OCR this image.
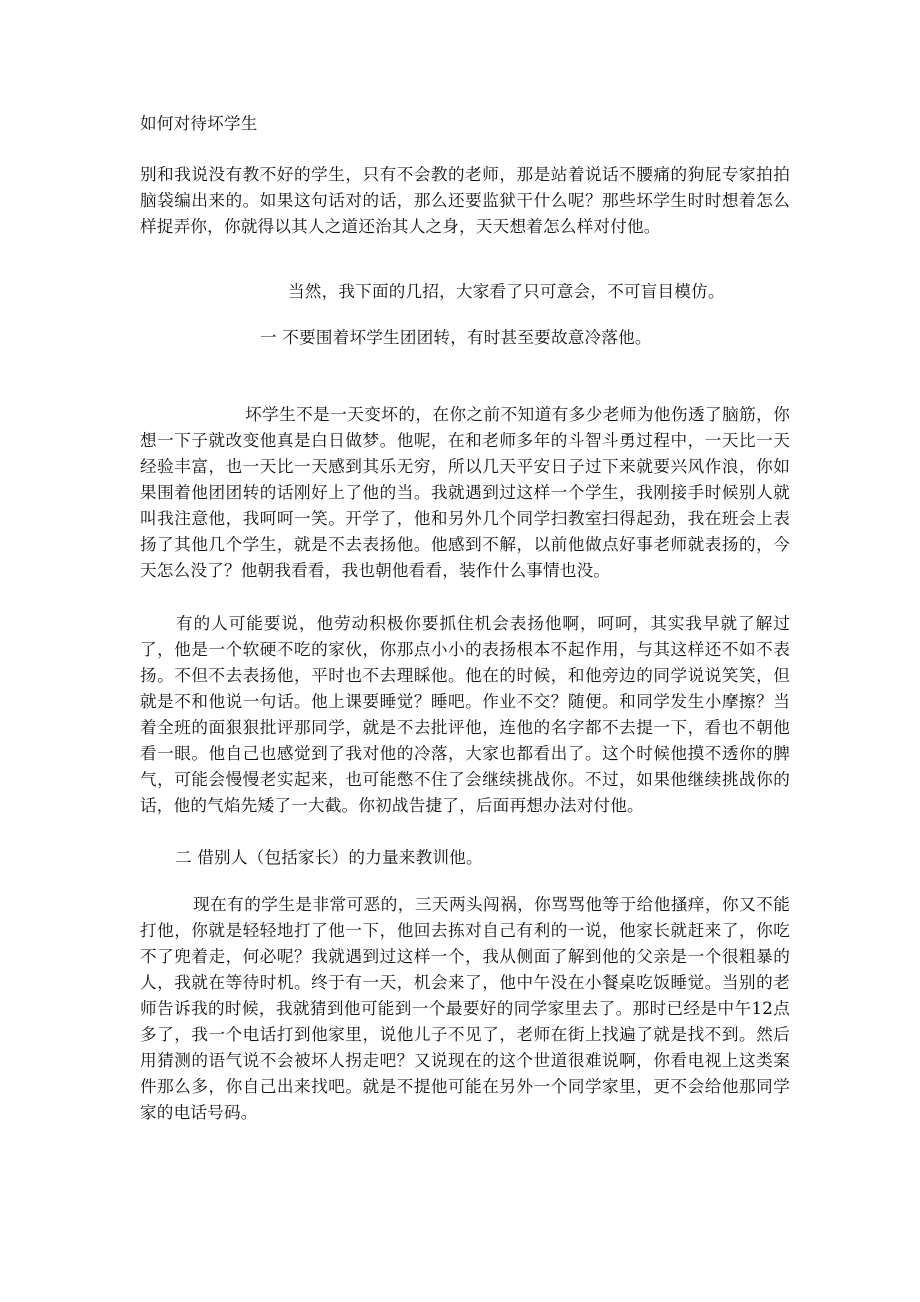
如何对待坏学生

别和我说没有教不好的学生，只有不会教的老师，那是站着说话不腰痛的狗屁专家拍拍脑袋编出来的。如果这句话对的话，那么还要监狱干什么呢？那些坏学生时时想着怎么样捉弄你，你就得以其人之道还治其人之身，天天想着怎么样对付他。

当然，我下面的几招，大家看了只可意会，不可盲目模仿。

一 不要围着坏学生团团转，有时甚至要故意冷落他。

坏学生不是一天变坏的，在你之前不知道有多少老师为他伤透了脑筋，你想一下子就改变他真是白日做梦。他呢，在和老师多年的斗智斗勇过程中，一天比一天经验丰富，也一天比一天感到其乐无穷，所以几天平安日子过下来就要兴风作浪，你如果围着他团团转的话刚好上了他的当。我就遇到过这样一个学生，我刚接手时候别人就叫我注意他，我呵呵一笑。开学了，他和另外几个同学扫教室扫得起劲，我在班会上表扬了其他几个学生，就是不去表扬他。他感到不解，以前他做点好事老师就表扬的，今天怎么没了？他朝我看看，我也朝他看看，装作什么事情也没。

有的人可能要说，他劳动积极你要抓住机会表扬他啊，呵呵，其实我早就了解过了，他是一个软硬不吃的家伙，你那点小小的表扬根本不起作用，与其这样还不如不表扬。不但不去表扬他，平时也不去理睬他。他在的时候，和他旁边的同学说说笑笑，但就是不和他说一句话。他上课要睡觉？睡吧。作业不交？随便。和同学发生小摩擦？当着全班的面狠狠批评那同学，就是不去批评他，连他的名字都不去提一下，看也不朝他看一眼。他自己也感觉到了我对他的冷落，大家也都看出了。这个时候他摸不透你的脾气，可能会慢慢老实起来，也可能憋不住了会继续挑战你。不过，如果他继续挑战你的话，他的气焰先矮了一大截。你初战告捷了，后面再想办法对付他。

二 借别人（包括家长）的力量来教训他。

现在有的学生是非常可恶的，三天两头闯祸，你骂骂他等于给他搔痒，你又不能打他，你就是轻轻地打了他一下，他回去拣对自己有利的一说，他家长就赶来了，你吃不了兜着走，何必呢？我就遇到过这样一个，我从侧面了解到他的父亲是一个很粗暴的人，我就在等待时机。终于有一天，机会来了，他中午没在小餐桌吃饭睡觉。当别的老师告诉我的时候，我就猜到他可能到一个最要好的同学家里去了。那时已经是中午12点多了，我一个电话打到他家里，说他儿子不见了，老师在街上找遍了就是找不到。然后用猜测的语气说不会被坏人拐走吧？又说现在的这个世道很难说啊，你看电视上这类案件那么多，你自己出来找吧。就是不提他可能在另外一个同学家里，更不会给他那同学家的电话号码。
